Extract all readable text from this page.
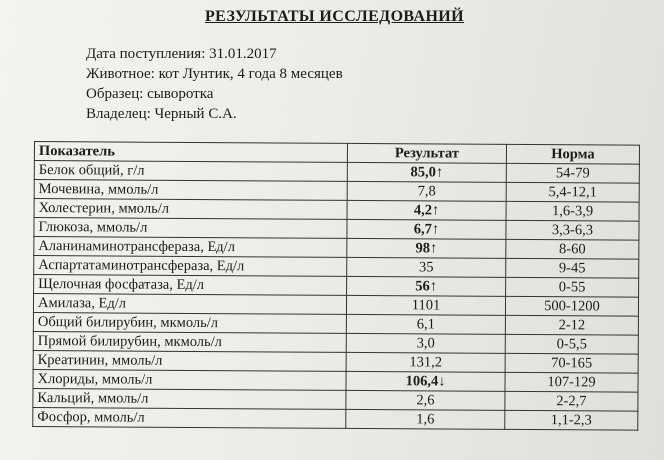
РЕЗУЛЬТАТЫ ИССЛЕДОВАНИЙ
Дата поступления: 31.01.2017
Животное: кот Лунтик, 4 года 8 месяцев
Образец: сыворотка
Владелец: Черный С.А.
Показатель	Результат	Норма
Белок общий, г/л	85,0↑	54-79
Мочевина, ммоль/л	7,8	5,4-12,1
Холестерин, ммоль/л	4,2↑	1,6-3,9
Глюкоза, ммоль/л	6,7↑	3,3-6,3
Аланинаминотрансфераза, Ед/л	98↑	8-60
Аспартатаминотрансфераза, Ед/л	35	9-45
Щелочная фосфатаза, Ед/л	56↑	0-55
Амилаза, Ед/л	1101	500-1200
Общий билирубин, мкмоль/л	6,1	2-12
Прямой билирубин, мкмоль/л	3,0	0-5,5
Креатинин, ммоль/л	131,2	70-165
Хлориды, ммоль/л	106,4↓	107-129
Кальций, ммоль/л	2,6	2-2,7
Фосфор, ммоль/л	1,6	1,1-2,3
